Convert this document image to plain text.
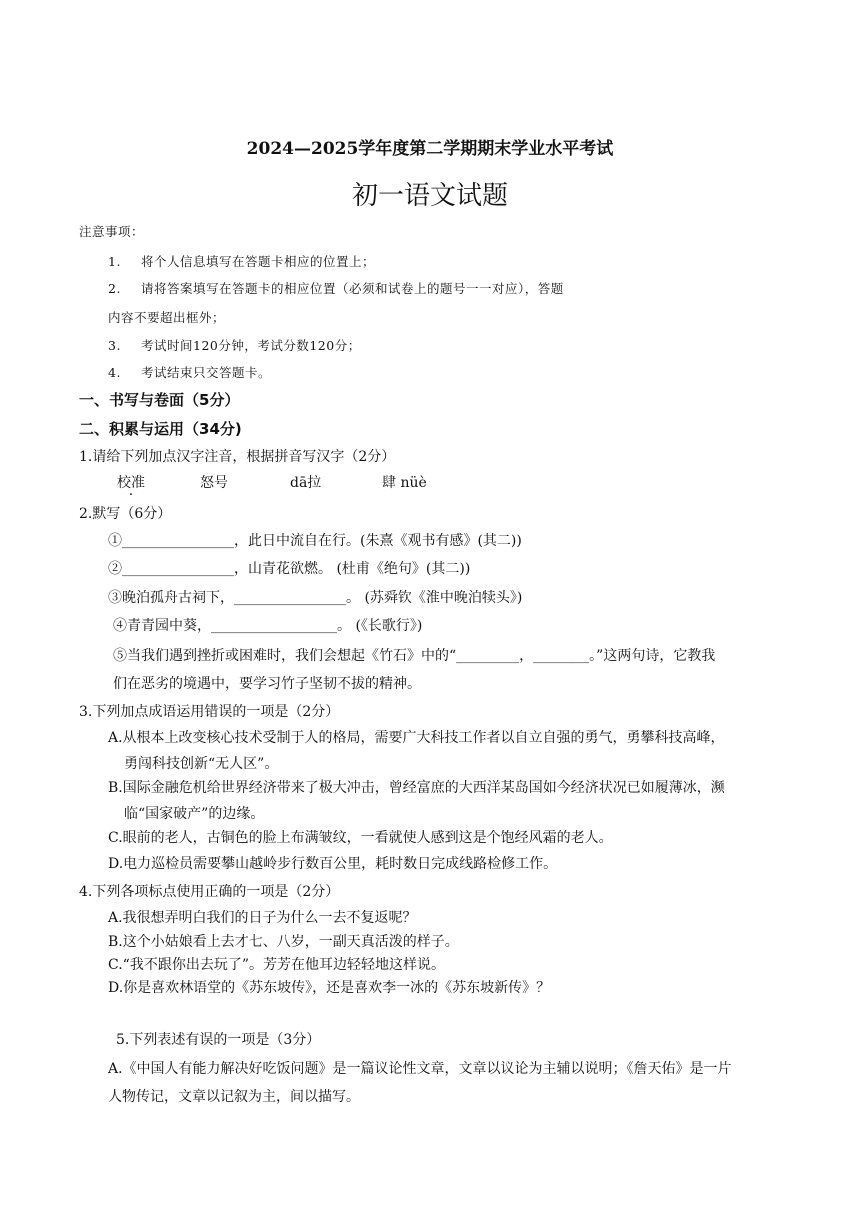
2024—2025学年度第二学期期末学业水平考试
初一语文试题
注意事项：
1. 将个人信息填写在答题卡相应的位置上；
2. 请将答案填写在答题卡的相应位置（必须和试卷上的题号一一对应），答题
内容不要超出框外；
3. 考试时间120分钟，考试分数120分；
4. 考试结束只交答题卡。
一、书写与卷面（5分）
二、积累与运用（34分)
1.请给下列加点汉字注音，根据拼音写汉字（2分）
校准	怒号	dā拉	肆 nüè
2.默写（6分）
①________________，此日中流自在行。(朱熹《观书有感》(其二))
②________________，山青花欲燃。 (杜甫《绝句》(其二))
③晚泊孤舟古祠下，________________。 (苏舜钦《淮中晚泊犊头》)
④青青园中葵，__________________。 (《长歌行》)
⑤当我们遇到挫折或困难时，我们会想起《竹石》中的“_________，________。”这两句诗，它教我
们在恶劣的境遇中，要学习竹子坚韧不拔的精神。
3.下列加点成语运用错误的一项是（2分）
A.从根本上改变核心技术受制于人的格局，需要广大科技工作者以自立自强的勇气，勇攀科技高峰，
勇闯科技创新“无人区”。
B.国际金融危机给世界经济带来了极大冲击，曾经富庶的大西洋某岛国如今经济状况已如履薄冰，濒
临“国家破产”的边缘。
C.眼前的老人，古铜色的脸上布满皱纹，一看就使人感到这是个饱经风霜的老人。
D.电力巡检员需要攀山越岭步行数百公里，耗时数日完成线路检修工作。
4.下列各项标点使用正确的一项是（2分）
A.我很想弄明白我们的日子为什么一去不复返呢？
B.这个小姑娘看上去才七、八岁，一副天真活泼的样子。
C.“我不跟你出去玩了”。芳芳在他耳边轻轻地这样说。
D.你是喜欢林语堂的《苏东坡传》，还是喜欢李一冰的《苏东坡新传》？
5.下列表述有误的一项是（3分）
A.《中国人有能力解决好吃饭问题》是一篇议论性文章，文章以议论为主辅以说明；《詹天佑》是一片
人物传记，文章以记叙为主，间以描写。
